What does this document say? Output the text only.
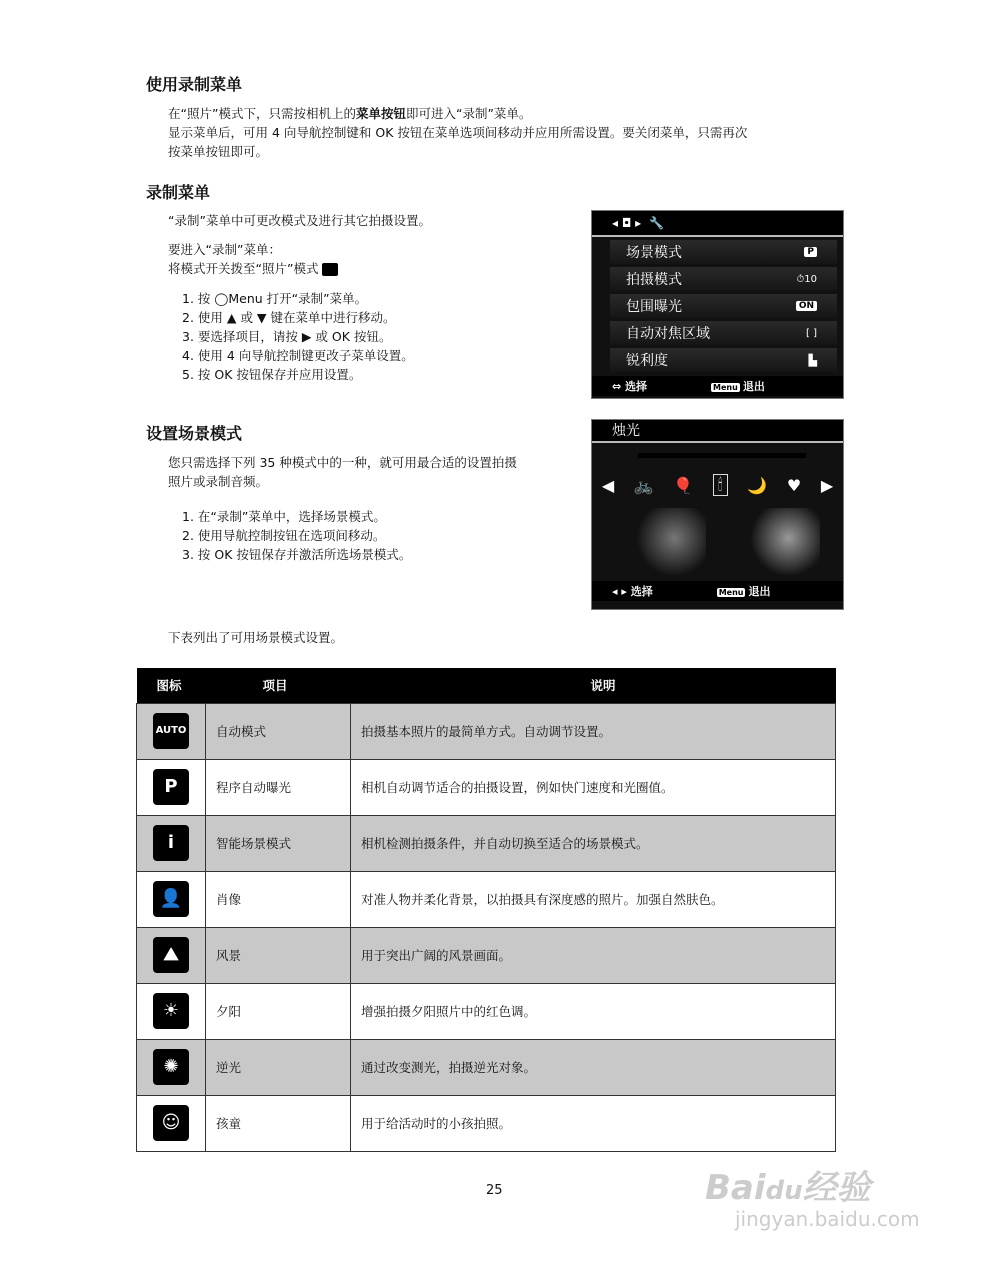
使用录制菜单
在“照片”模式下，只需按相机上的菜单按钮即可进入“录制”菜单。
显示菜单后，可用 4 向导航控制键和 OK 按钮在菜单选项间移动并应用所需设置。要关闭菜单，只需再次
按菜单按钮即可。
录制菜单
“录制”菜单中可更改模式及进行其它拍摄设置。
要进入“录制”菜单：
将模式开关拨至“照片”模式
1. 按 ◯Menu 打开“录制”菜单。
2. 使用 ▲ 或 ▼ 键在菜单中进行移动。
3. 要选择项目，请按 ▶ 或 OK 按钮。
4. 使用 4 向导航控制键更改子菜单设置。
5. 按 OK 按钮保存并应用设置。
◂ ◘ ▸ 🔧
场景模式	P
拍摄模式	⏱10
包围曝光	ON
自动对焦区域	[ ]
锐利度	▙
⇔ 选择	Menu 退出
设置场景模式
您只需选择下列 35 种模式中的一种，就可用最合适的设置拍摄
照片或录制音频。
1. 在“录制”菜单中，选择场景模式。
2. 使用导航控制按钮在选项间移动。
3. 按 OK 按钮保存并激活所选场景模式。
烛光
◀ 🚲 🎈	🕯	🌙 ♥ ▶
◂ ▸ 选择	Menu 退出
下表列出了可用场景模式设置。
图标	项目	说明
AUTO	自动模式	拍摄基本照片的最简单方式。自动调节设置。
P	程序自动曝光	相机自动调节适合的拍摄设置，例如快门速度和光圈值。
i	智能场景模式	相机检测拍摄条件，并自动切换至适合的场景模式。
👤	肖像	对准人物并柔化背景，以拍摄具有深度感的照片。加强自然肤色。
⛰	风景	用于突出广阔的风景画面。
☀	夕阳	增强拍摄夕阳照片中的红色调。
✺	逆光	通过改变测光，拍摄逆光对象。
☺	孩童	用于给活动时的小孩拍照。
25	Baidu经验
jingyan.baidu.com
